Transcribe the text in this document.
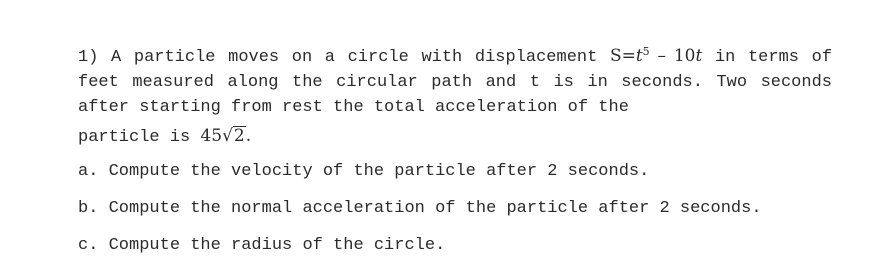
1) A particle moves on a circle with displacement $S=t^5 - 10t$ in terms of feet measured along the circular path and t is in seconds. Two seconds after starting from rest the total acceleration of the
particle is 45√2.

a. Compute the velocity of the particle after 2 seconds.
b. Compute the normal acceleration of the particle after 2 seconds.
c. Compute the radius of the circle.
